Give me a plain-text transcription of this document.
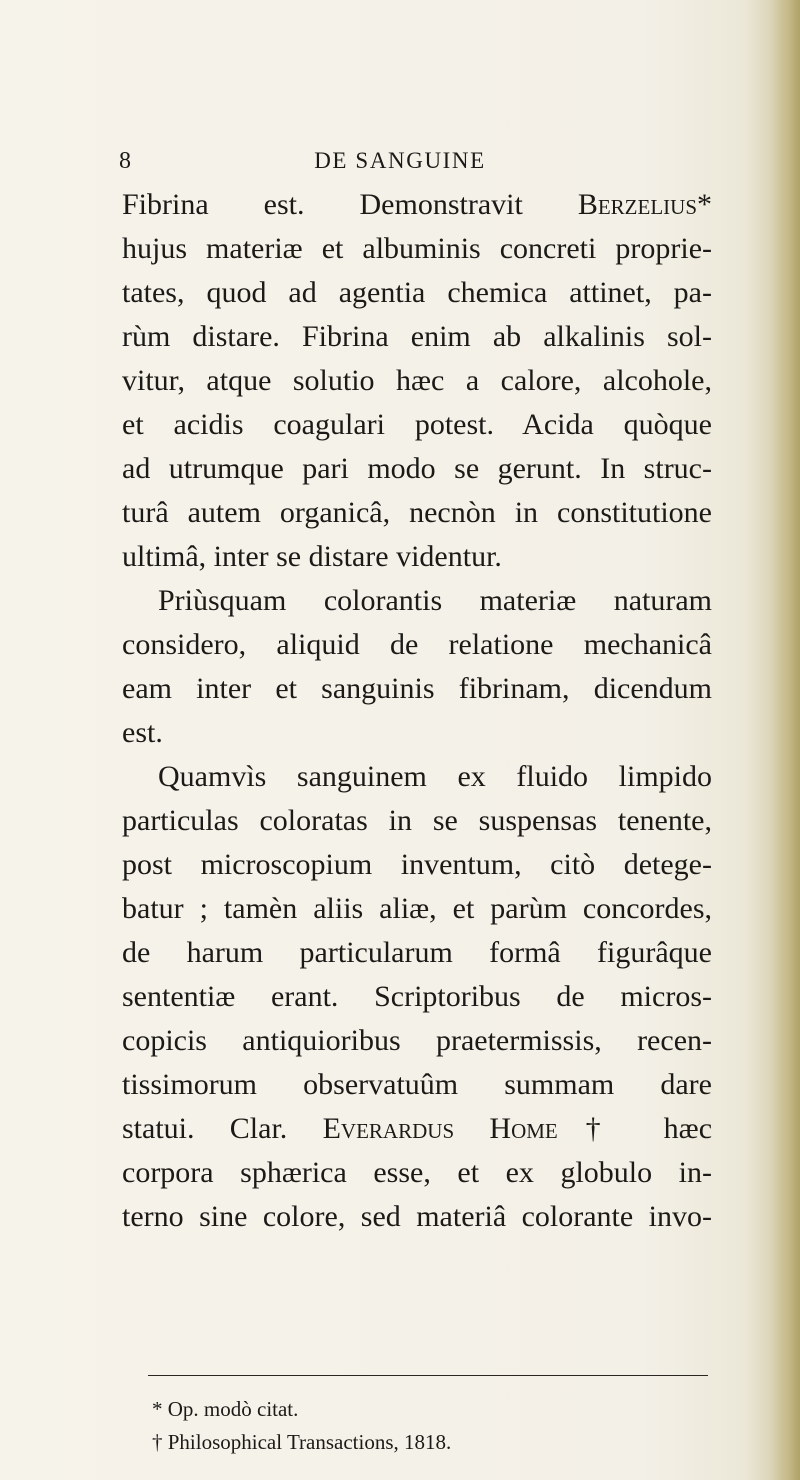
8	DE SANGUINE

Fibrina est. Demonstravit Berzelius*
hujus materiæ et albuminis concreti proprie-
tates, quod ad agentia chemica attinet, pa-
rùm distare. Fibrina enim ab alkalinis sol-
vitur, atque solutio hæc a calore, alcohole,
et acidis coagulari potest. Acida quòque
ad utrumque pari modo se gerunt. In struc-
turâ autem organicâ, necnòn in constitutione
ultimâ, inter se distare videntur.
Priùsquam colorantis materiæ naturam
considero, aliquid de relatione mechanicâ
eam inter et sanguinis fibrinam, dicendum
est.
Quamvìs sanguinem ex fluido limpido
particulas coloratas in se suspensas tenente,
post microscopium inventum, citò detege-
batur ; tamèn aliis aliæ, et parùm concordes,
de harum particularum formâ figurâque
sententiæ erant. Scriptoribus de micros-
copicis antiquioribus praetermissis, recen-
tissimorum observatuûm summam dare
statui. Clar. Everardus Home† hæc
corpora sphærica esse, et ex globulo in-
terno sine colore, sed materiâ colorante invo-
* Op. modò citat.
† Philosophical Transactions, 1818.
